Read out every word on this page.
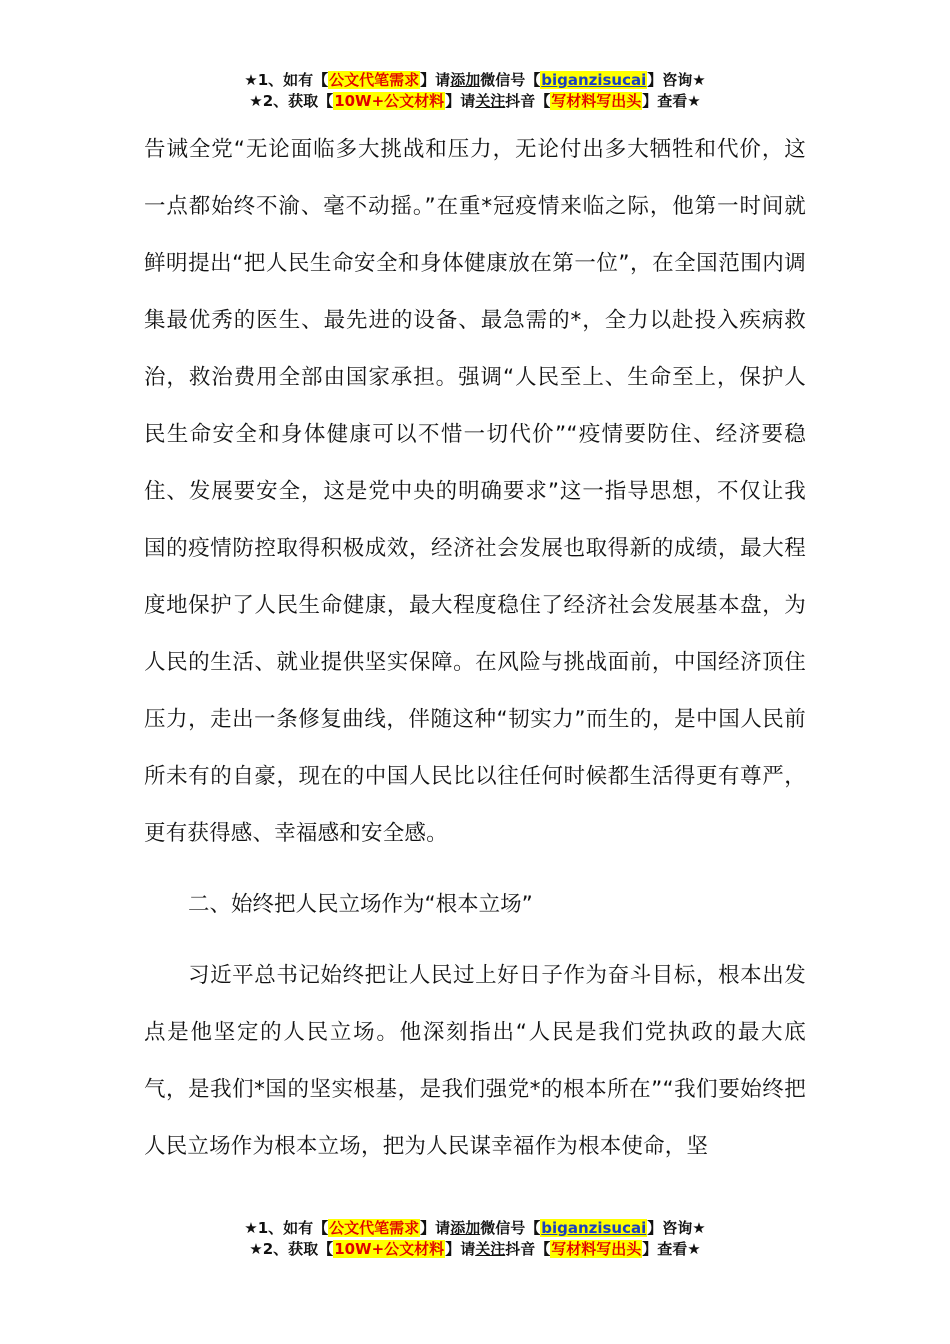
★1、如有【公文代笔需求】请添加微信号【biganzisucai】咨询★
★2、获取【10W+公文材料】请关注抖音【写材料写出头】查看★

告诫全党“无论面临多大挑战和压力，无论付出多大牺牲和代价，这一点都始终不渝、毫不动摇。”在重*冠疫情来临之际，他第一时间就鲜明提出“把人民生命安全和身体健康放在第一位”，在全国范围内调集最优秀的医生、最先进的设备、最急需的*，全力以赴投入疾病救治，救治费用全部由国家承担。强调“人民至上、生命至上，保护人民生命安全和身体健康可以不惜一切代价”“疫情要防住、经济要稳住、发展要安全，这是党中央的明确要求”这一指导思想，不仅让我国的疫情防控取得积极成效，经济社会发展也取得新的成绩，最大程度地保护了人民生命健康，最大程度稳住了经济社会发展基本盘，为人民的生活、就业提供坚实保障。在风险与挑战面前，中国经济顶住压力，走出一条修复曲线，伴随这种“韧实力”而生的，是中国人民前所未有的自豪，现在的中国人民比以往任何时候都生活得更有尊严，更有获得感、幸福感和安全感。

二、始终把人民立场作为“根本立场”

习近平总书记始终把让人民过上好日子作为奋斗目标，根本出发点是他坚定的人民立场。他深刻指出“人民是我们党执政的最大底气，是我们*国的坚实根基，是我们强党*的根本所在”“我们要始终把人民立场作为根本立场，把为人民谋幸福作为根本使命，坚

★1、如有【公文代笔需求】请添加微信号【biganzisucai】咨询★
★2、获取【10W+公文材料】请关注抖音【写材料写出头】查看★
